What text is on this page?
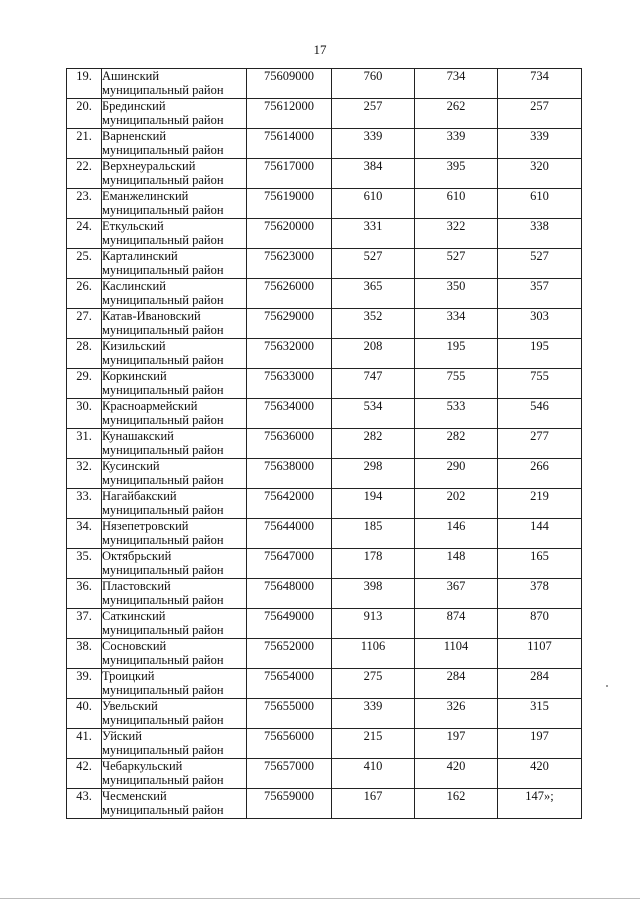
17
19.	Ашинский
муниципальный район	75609000	760	734	734
20.	Брединский
муниципальный район	75612000	257	262	257
21.	Варненский
муниципальный район	75614000	339	339	339
22.	Верхнеуральский
муниципальный район	75617000	384	395	320
23.	Еманжелинский
муниципальный район	75619000	610	610	610
24.	Еткульский
муниципальный район	75620000	331	322	338
25.	Карталинский
муниципальный район	75623000	527	527	527
26.	Каслинский
муниципальный район	75626000	365	350	357
27.	Катав-Ивановский
муниципальный район	75629000	352	334	303
28.	Кизильский
муниципальный район	75632000	208	195	195
29.	Коркинский
муниципальный район	75633000	747	755	755
30.	Красноармейский
муниципальный район	75634000	534	533	546
31.	Кунашакский
муниципальный район	75636000	282	282	277
32.	Кусинский
муниципальный район	75638000	298	290	266
33.	Нагайбакский
муниципальный район	75642000	194	202	219
34.	Нязепетровский
муниципальный район	75644000	185	146	144
35.	Октябрьский
муниципальный район	75647000	178	148	165
36.	Пластовский
муниципальный район	75648000	398	367	378
37.	Саткинский
муниципальный район	75649000	913	874	870
38.	Сосновский
муниципальный район	75652000	1106	1104	1107
39.	Троицкий
муниципальный район	75654000	275	284	284
40.	Увельский
муниципальный район	75655000	339	326	315
41.	Уйский
муниципальный район	75656000	215	197	197
42.	Чебаркульский
муниципальный район	75657000	410	420	420
43.	Чесменский
муниципальный район	75659000	167	162	147»;
